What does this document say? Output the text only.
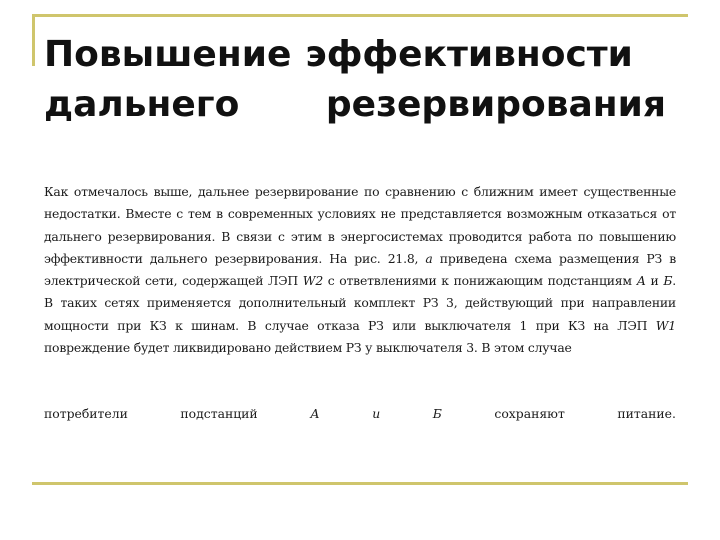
Повышение эффективности
дальнего резервирования

Как отмечалось выше, дальнее резервирование по сравнению с ближним имеет существенные недостатки. Вместе с тем в современных условиях не представляется возможным отказаться от дальнего резервирования. В связи с этим в энергосистемах проводится работа по повышению эффективности дальнего резервирования. На рис. 21.8, а приведена схема размещения РЗ в электрической сети, содержащей ЛЭП W2 с ответвлениями к понижающим подстанциям А и Б. В таких сетях применяется дополнительный комплект РЗ 3, действующий при направлении мощности при КЗ к шинам. В случае отказа РЗ или выключателя 1 при КЗ на ЛЭП W1 повреждение будет ликвидировано действием РЗ у выключателя 3. В этом случае

потребители	подстанций	А	и	Б	сохраняют	питание.
